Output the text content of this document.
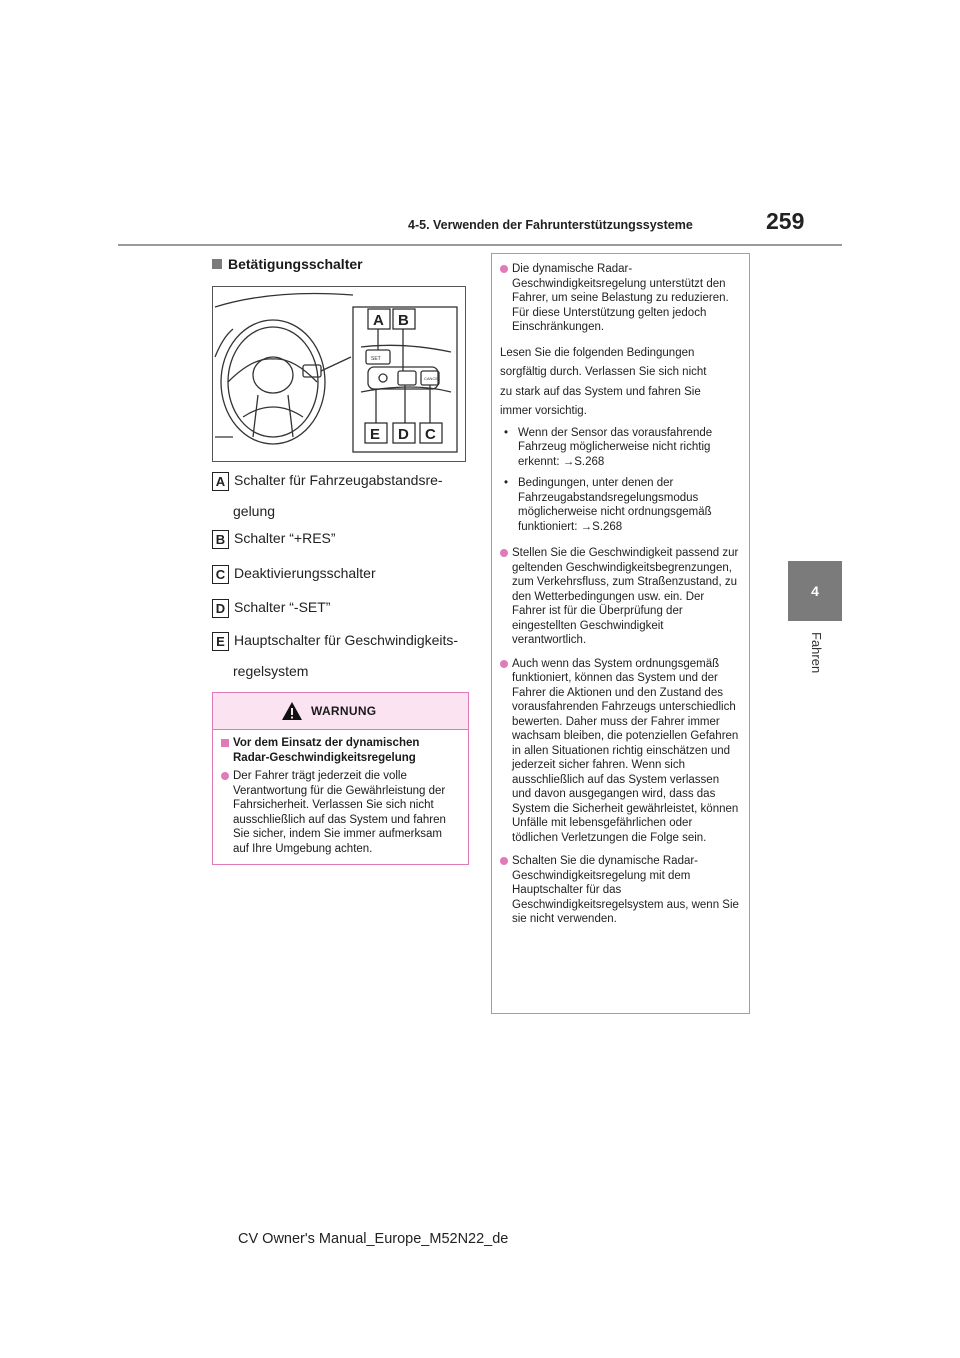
4-5. Verwenden der Fahrunterstützungssysteme	259
4
Fahren
Betätigungsschalter
SET
CANCEL
A B
E D C
A Schalter für Fahrzeugabstandsre-
gelung
B Schalter “+RES”
C Deaktivierungsschalter
D Schalter “-SET”
E Hauptschalter für Geschwindigkeits-
regelsystem
WARNUNG
Vor dem Einsatz der dynamischen Radar-Geschwindigkeitsregelung
Der Fahrer trägt jederzeit die volle Verantwortung für die Gewährleistung der Fahrsicherheit. Verlassen Sie sich nicht ausschließlich auf das System und fahren Sie sicher, indem Sie immer aufmerksam auf Ihre Umgebung achten.
Die dynamische Radar-Geschwindigkeitsregelung unterstützt den Fahrer, um seine Belastung zu reduzieren. Für diese Unterstützung gelten jedoch Einschränkungen.
Lesen Sie die folgenden Bedingungen
sorgfältig durch. Verlassen Sie sich nicht
zu stark auf das System und fahren Sie
immer vorsichtig.
• Wenn der Sensor das vorausfahrende Fahrzeug möglicherweise nicht richtig erkennt: →S.268
• Bedingungen, unter denen der Fahrzeugabstandsregelungsmodus möglicherweise nicht ordnungsgemäß funktioniert: →S.268
Stellen Sie die Geschwindigkeit passend zur geltenden Geschwindigkeitsbegrenzungen, zum Verkehrsfluss, zum Straßenzustand, zu den Wetterbedingungen usw. ein. Der Fahrer ist für die Überprüfung der eingestellten Geschwindigkeit verantwortlich.
Auch wenn das System ordnungsgemäß funktioniert, können das System und der Fahrer die Aktionen und den Zustand des vorausfahrenden Fahrzeugs unterschiedlich bewerten. Daher muss der Fahrer immer wachsam bleiben, die potenziellen Gefahren in allen Situationen richtig einschätzen und jederzeit sicher fahren. Wenn sich ausschließlich auf das System verlassen und davon ausgegangen wird, dass das System die Sicherheit gewährleistet, können Unfälle mit lebensgefährlichen oder tödlichen Verletzungen die Folge sein.
Schalten Sie die dynamische Radar-Geschwindigkeitsregelung mit dem Hauptschalter für das Geschwindigkeitsregelsystem aus, wenn Sie sie nicht verwenden.
CV Owner's Manual_Europe_M52N22_de
